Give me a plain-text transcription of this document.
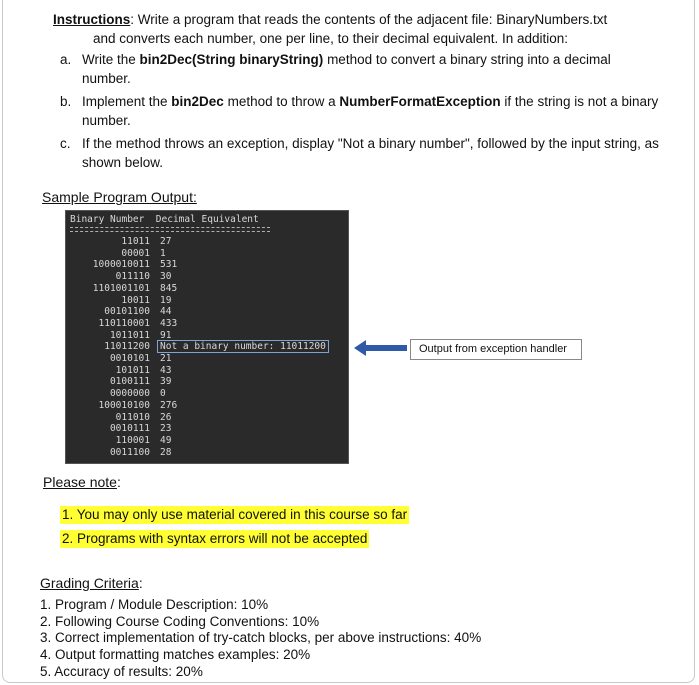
Instructions: Write a program that reads the contents of the adjacent file: BinaryNumbers.txt
and converts each number, one per line, to their decimal equivalent. In addition:
a. Write the bin2Dec(String binaryString) method to convert a binary string into a decimal number.
b. Implement the bin2Dec method to throw a NumberFormatException if the string is not a binary number.
c. If the method throws an exception, display "Not a binary number", followed by the input string, as shown below.
Sample Program Output:
Binary Number  Decimal Equivalent
11011 27
00001 1
1000010011 531
011110 30
1101001101 845
10011 19
00101100 44
110110001 433
1011011 91
11011200 Not a binary number: 11011200
0010101 21
101011 43
0100111 39
0000000 0
100010100 276
011010 26
0010111 23
110001 49
0011100 28
Output from exception handler
Please note:
1. You may only use material covered in this course so far
2. Programs with syntax errors will not be accepted
Grading Criteria:
1. Program / Module Description: 10%
2. Following Course Coding Conventions: 10%
3. Correct implementation of try-catch blocks, per above instructions: 40%
4. Output formatting matches examples: 20%
5. Accuracy of results: 20%
